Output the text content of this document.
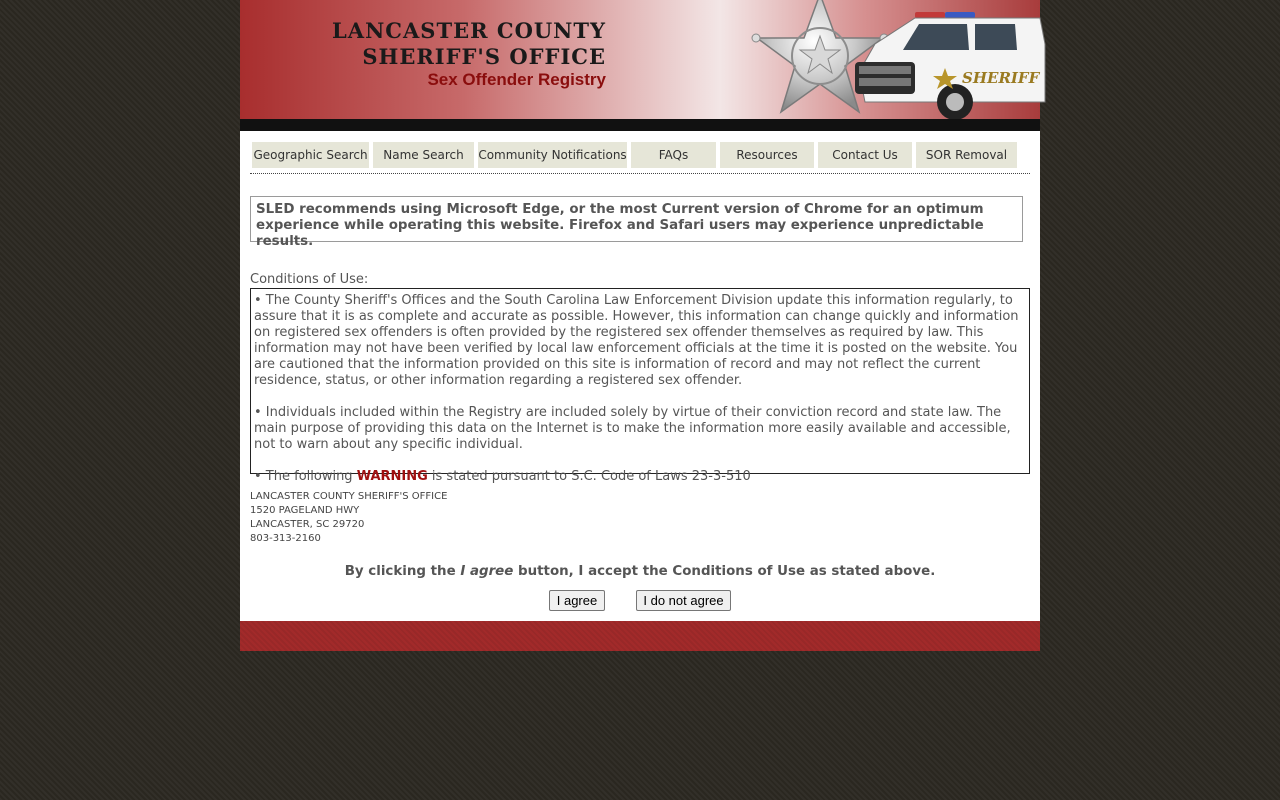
LANCASTER COUNTY
SHERIFF'S OFFICE
Sex Offender Registry	SHERIFF
Geographic Search	Name Search	Community Notifications	FAQs	Resources	Contact Us	SOR Removal
SLED recommends using Microsoft Edge, or the most Current version of Chrome for an optimum
experience while operating this website. Firefox and Safari users may experience unpredictable results.
Conditions of Use:

• The County Sheriff's Offices and the South Carolina Law Enforcement Division update this information regularly, to assure that it is as complete and accurate as possible. However, this information can change quickly and information on registered sex offenders is often provided by the registered sex offender themselves as required by law. This information may not have been verified by local law enforcement officials at the time it is posted on the website. You are cautioned that the information provided on this site is information of record and may not reflect the current residence, status, or other information regarding a registered sex offender.

• Individuals included within the Registry are included solely by virtue of their conviction record and state law. The main purpose of providing this data on the Internet is to make the information more easily available and accessible, not to warn about any specific individual.

• The following WARNING is stated pursuant to S.C. Code of Laws 23-3-510

LANCASTER COUNTY SHERIFF'S OFFICE
1520 PAGELAND HWY
LANCASTER, SC 29720
803-313-2160
By clicking the I agree button, I accept the Conditions of Use as stated above.
I agree	I do not agree
